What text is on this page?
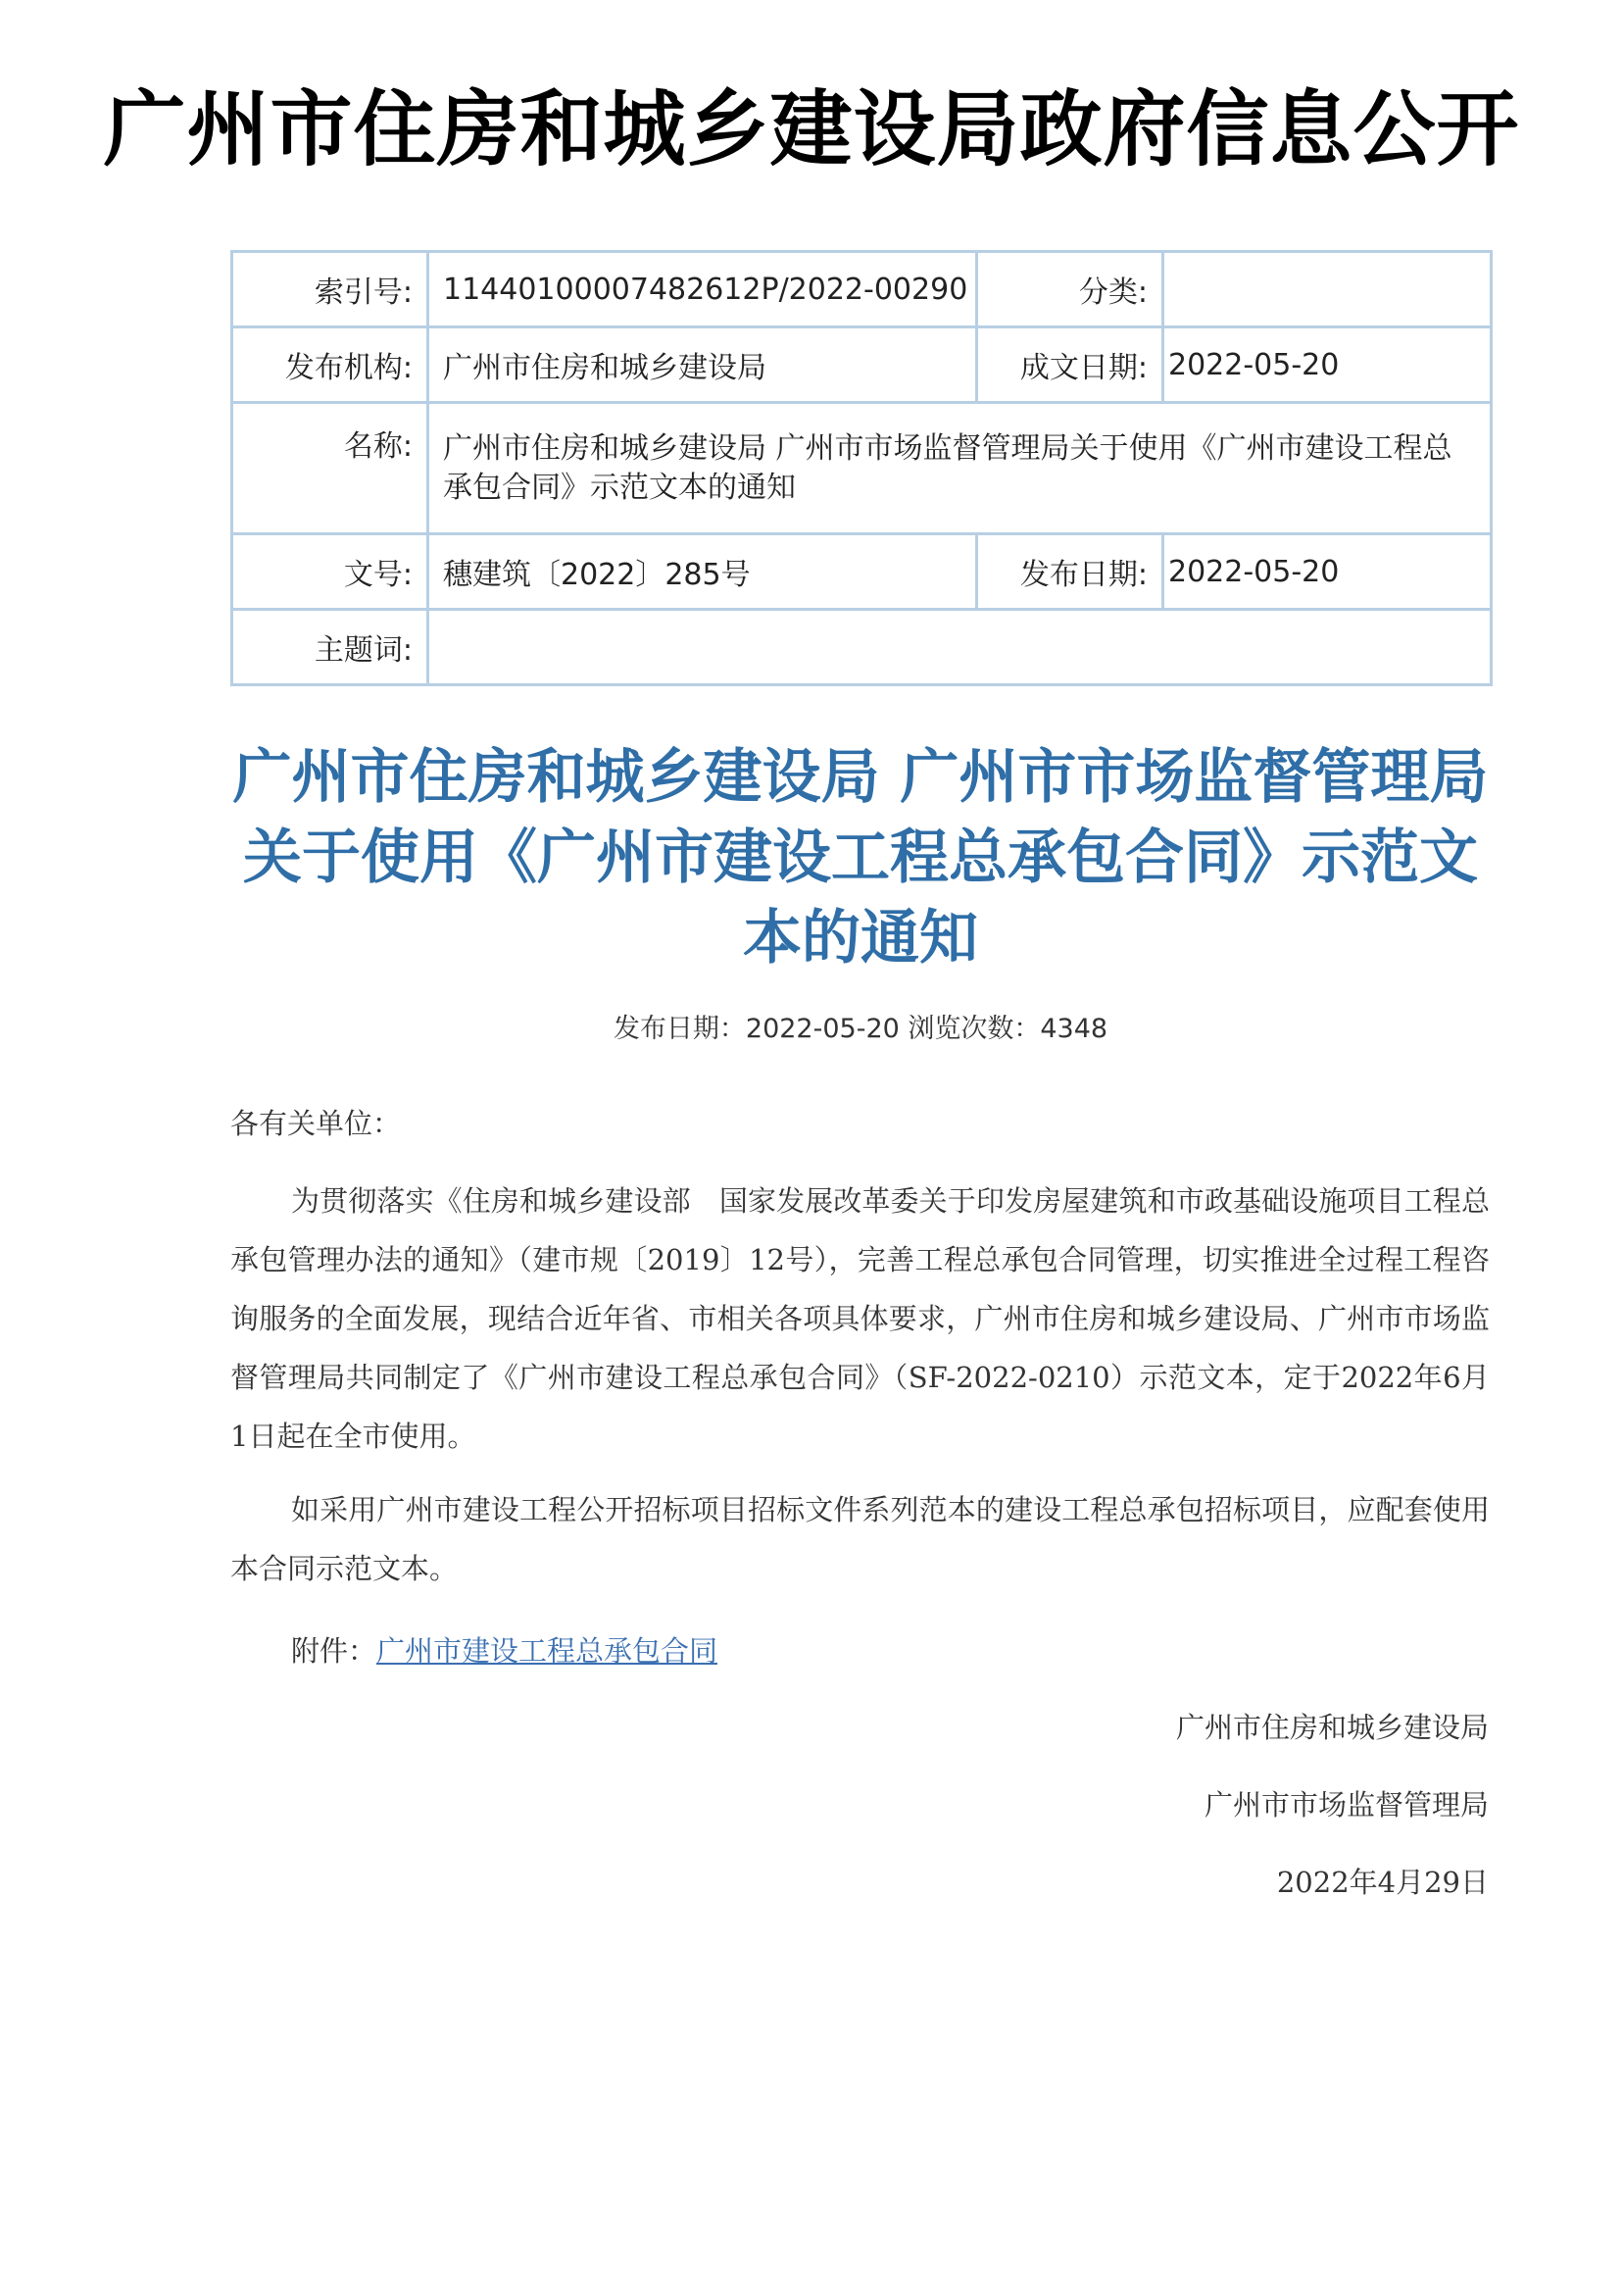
广州市住房和城乡建设局政府信息公开
索引号:	11440100007482612P/2022-00290	分类:	
发布机构:	广州市住房和城乡建设局	成文日期:	2022-05-20
名称:	广州市住房和城乡建设局 广州市市场监督管理局关于使用《广州市建设工程总承包合同》示范文本的通知		
文号:	穗建筑〔2022〕285号	发布日期:	2022-05-20
主题词:			
广州市住房和城乡建设局 广州市市场监督管理局
关于使用《广州市建设工程总承包合同》示范文
本的通知
发布日期：2022-05-20 浏览次数：4348
各有关单位：
为贯彻落实《住房和城乡建设部　国家发展改革委关于印发房屋建筑和市政基础设施项目工程总承包管理办法的通知》（建市规〔2019〕12号），完善工程总承包合同管理，切实推进全过程工程咨询服务的全面发展，现结合近年省、市相关各项具体要求，广州市住房和城乡建设局、广州市市场监督管理局共同制定了《广州市建设工程总承包合同》（SF-2022-0210）示范文本，定于2022年6月1日起在全市使用。
如采用广州市建设工程公开招标项目招标文件系列范本的建设工程总承包招标项目，应配套使用本合同示范文本。
附件：广州市建设工程总承包合同
广州市住房和城乡建设局
广州市市场监督管理局
2022年4月29日
